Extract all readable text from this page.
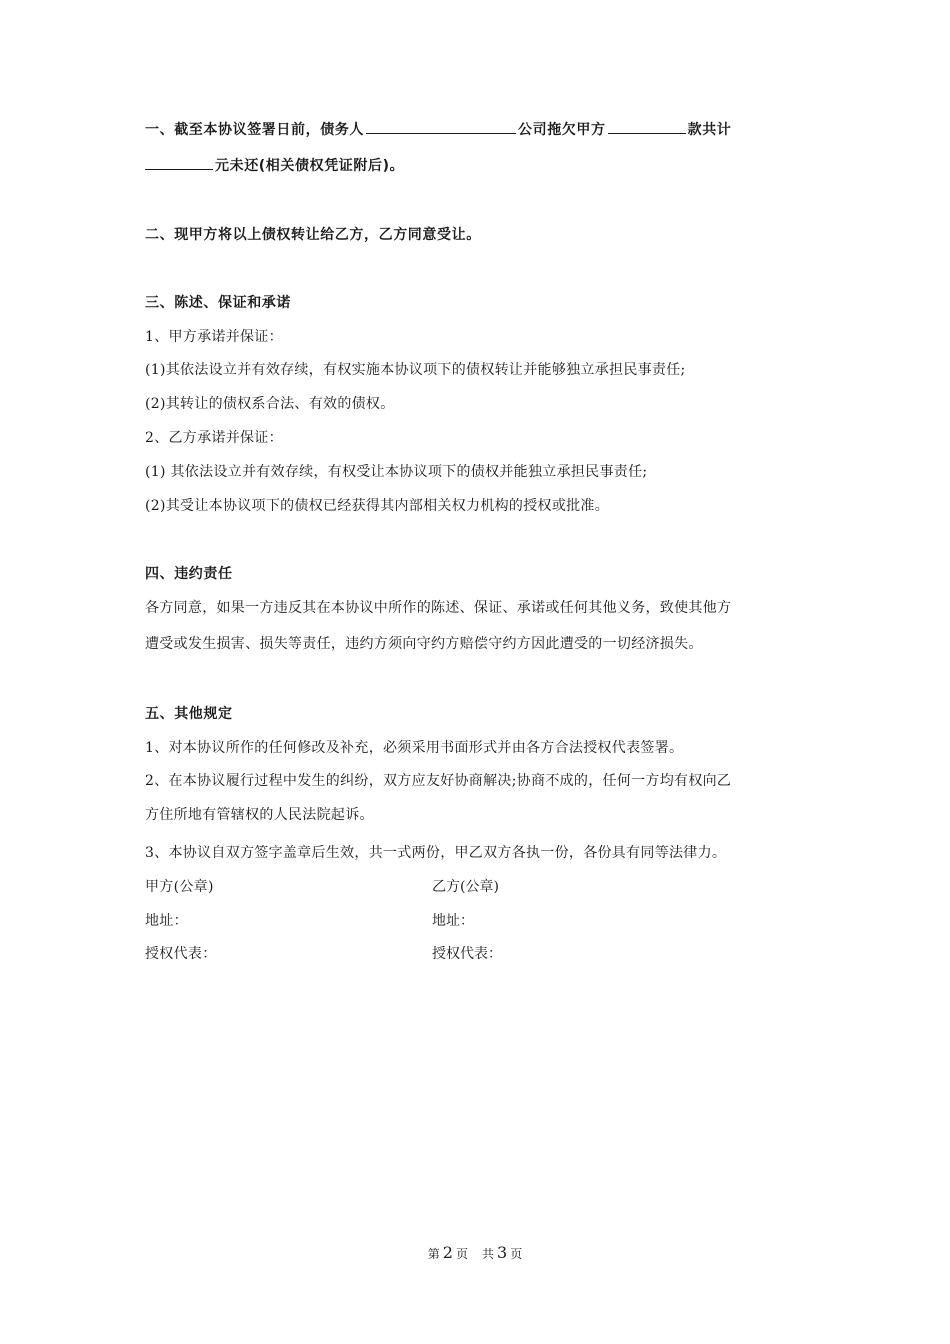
一、截至本协议签署日前，债务人	公司拖欠甲方	款共计
元未还(相关债权凭证附后)。
二、现甲方将以上债权转让给乙方，乙方同意受让。
三、陈述、保证和承诺
1、甲方承诺并保证：
(1)其依法设立并有效存续，有权实施本协议项下的债权转让并能够独立承担民事责任;
(2)其转让的债权系合法、有效的债权。
2、乙方承诺并保证：
(1) 其依法设立并有效存续，有权受让本协议项下的债权并能独立承担民事责任;
(2)其受让本协议项下的债权已经获得其内部相关权力机构的授权或批准。
四、违约责任
各方同意，如果一方违反其在本协议中所作的陈述、保证、承诺或任何其他义务，致使其他方
遭受或发生损害、损失等责任，违约方须向守约方赔偿守约方因此遭受的一切经济损失。
五、其他规定
1、对本协议所作的任何修改及补充，必须采用书面形式并由各方合法授权代表签署。
2、在本协议履行过程中发生的纠纷，双方应友好协商解决;协商不成的，任何一方均有权向乙
方住所地有管辖权的人民法院起诉。
3、本协议自双方签字盖章后生效，共一式两份，甲乙双方各执一份，各份具有同等法律力。
甲方(公章)	乙方(公章)
地址：	地址：
授权代表：	授权代表：
第 2 页 共 3 页
